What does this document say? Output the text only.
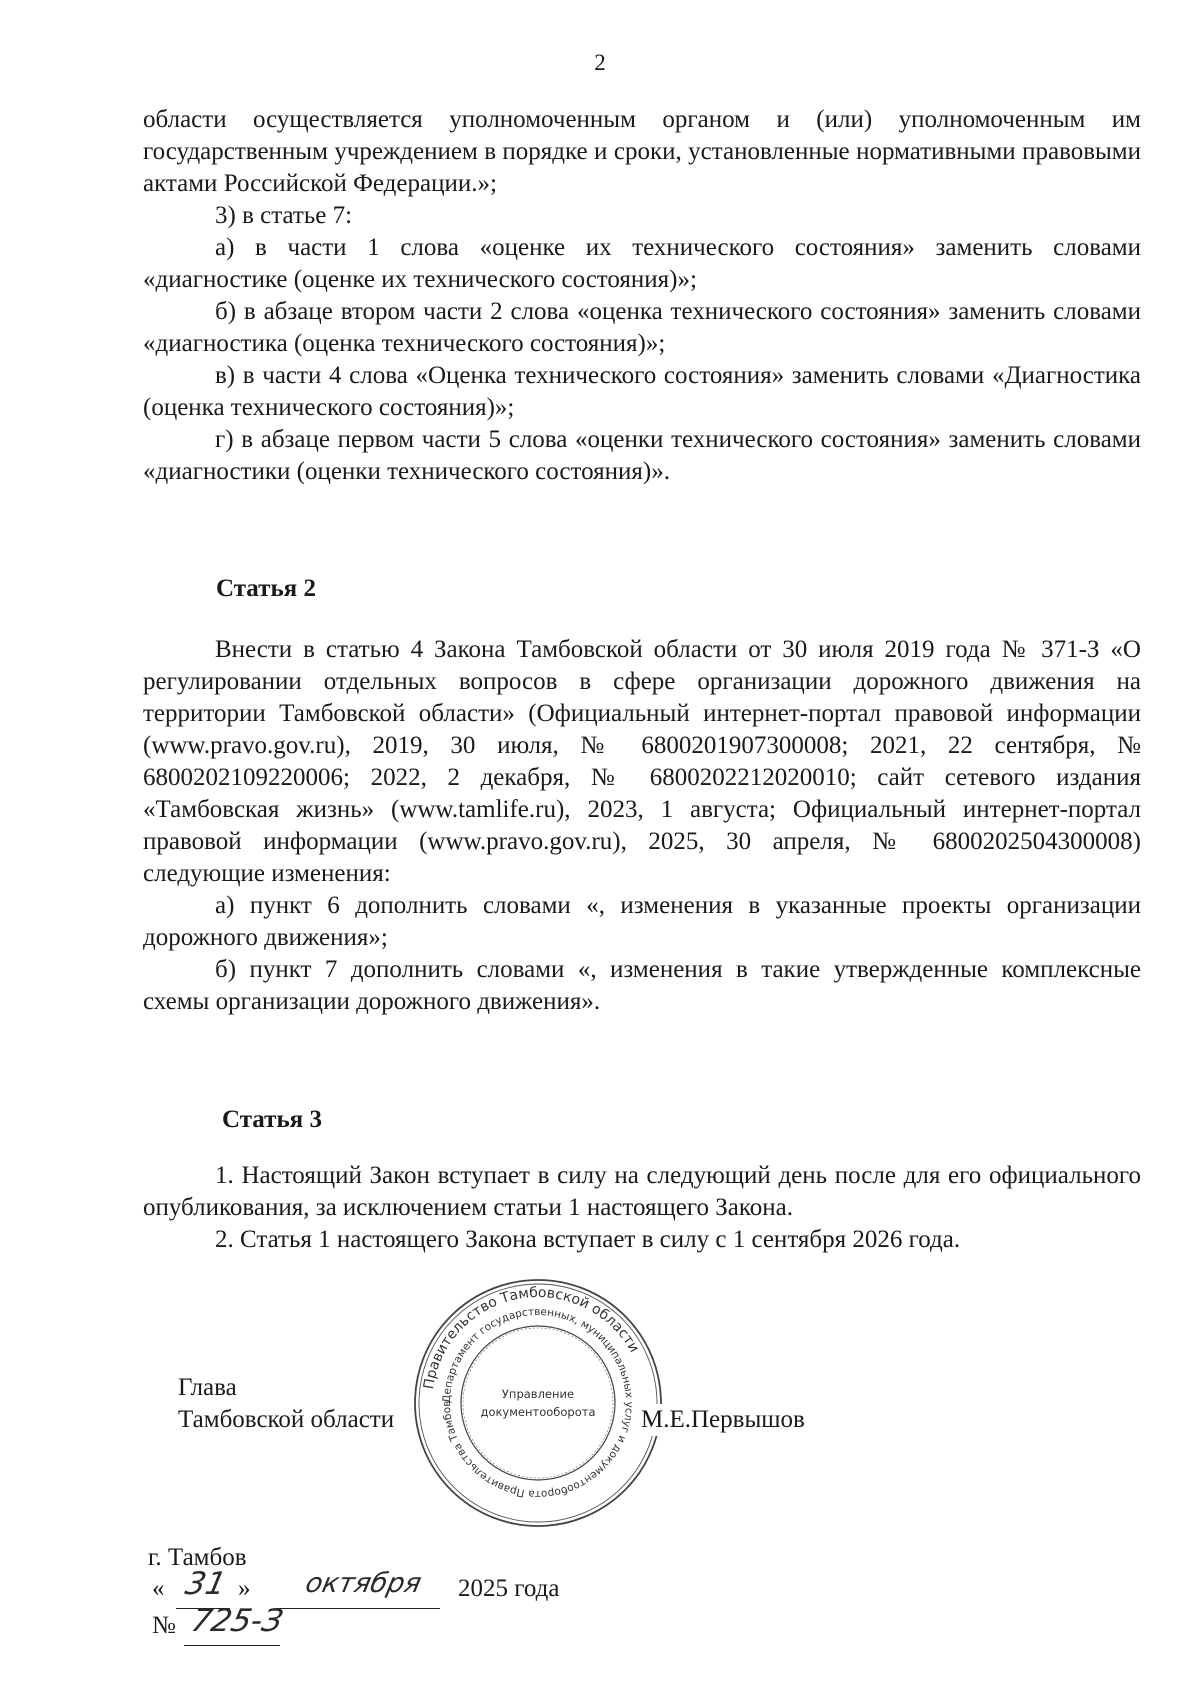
2

области осуществляется уполномоченным органом и (или) уполномоченным им государственным учреждением в порядке и сроки, установленные нормативными правовыми актами Российской Федерации.»;

3) в статье 7:

а) в части 1 слова «оценке их технического состояния» заменить словами «диагностике (оценке их технического состояния)»;

б) в абзаце втором части 2 слова «оценка технического состояния» заменить словами «диагностика (оценка технического состояния)»;

в) в части 4 слова «Оценка технического состояния» заменить словами «Диагностика (оценка технического состояния)»;

г) в абзаце первом части 5 слова «оценки технического состояния» заменить словами «диагностики (оценки технического состояния)».

Статья 2

Внести в статью 4 Закона Тамбовской области от 30 июля 2019 года № 371-З «О регулировании отдельных вопросов в сфере организации дорожного движения на территории Тамбовской области» (Официальный интернет-портал правовой информации (www.pravo.gov.ru), 2019, 30 июля, № 6800201907300008; 2021, 22 сентября, № 6800202109220006; 2022, 2 декабря, № 6800202212020010; сайт сетевого издания «Тамбовская жизнь» (www.tamlife.ru), 2023, 1 августа; Официальный интернет-портал правовой информации (www.pravo.gov.ru), 2025, 30 апреля, № 6800202504300008) следующие изменения:

а) пункт 6 дополнить словами «, изменения в указанные проекты организации дорожного движения»;

б) пункт 7 дополнить словами «, изменения в такие утвержденные комплексные схемы организации дорожного движения».

Статья 3

1. Настоящий Закон вступает в силу на следующий день после для его официального опубликования, за исключением статьи 1 настоящего Закона.

2. Статья 1 настоящего Закона вступает в силу с 1 сентября 2026 года.

Глава
Тамбовской области
Правительство Тамбовской области
Департамент государственных, муниципальных услуг и документооборота Правительства Тамбов
Управление
документооборота М.Е.Первышов
г. Тамбов
« 31 » октября 2025 года
№ 725-З
